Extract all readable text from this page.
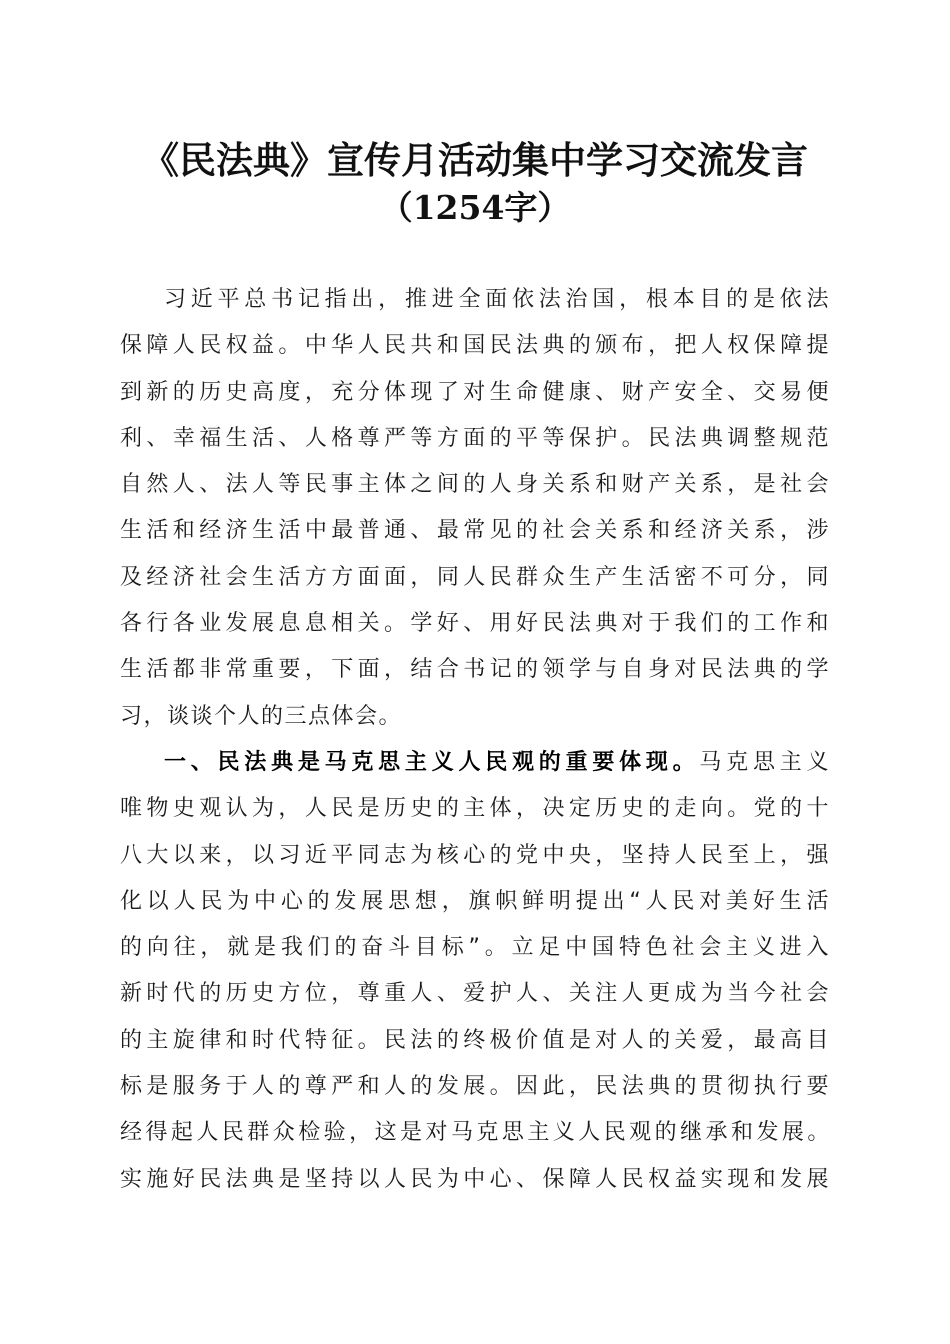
《民法典》宣传月活动集中学习交流发言
（1254字）
习近平总书记指出，推进全面依法治国，根本目的是依法
保障人民权益。中华人民共和国民法典的颁布，把人权保障提
到新的历史高度，充分体现了对生命健康、财产安全、交易便
利、幸福生活、人格尊严等方面的平等保护。民法典调整规范
自然人、法人等民事主体之间的人身关系和财产关系，是社会
生活和经济生活中最普通、最常见的社会关系和经济关系，涉
及经济社会生活方方面面，同人民群众生产生活密不可分，同
各行各业发展息息相关。学好、用好民法典对于我们的工作和
生活都非常重要，下面，结合书记的领学与自身对民法典的学
习，谈谈个人的三点体会。
一、民法典是马克思主义人民观的重要体现。马克思主义
唯物史观认为，人民是历史的主体，决定历史的走向。党的十
八大以来，以习近平同志为核心的党中央，坚持人民至上，强
化以人民为中心的发展思想，旗帜鲜明提出“人民对美好生活
的向往，就是我们的奋斗目标”。立足中国特色社会主义进入
新时代的历史方位，尊重人、爱护人、关注人更成为当今社会
的主旋律和时代特征。民法的终极价值是对人的关爱，最高目
标是服务于人的尊严和人的发展。因此，民法典的贯彻执行要
经得起人民群众检验，这是对马克思主义人民观的继承和发展。
实施好民法典是坚持以人民为中心、保障人民权益实现和发展
